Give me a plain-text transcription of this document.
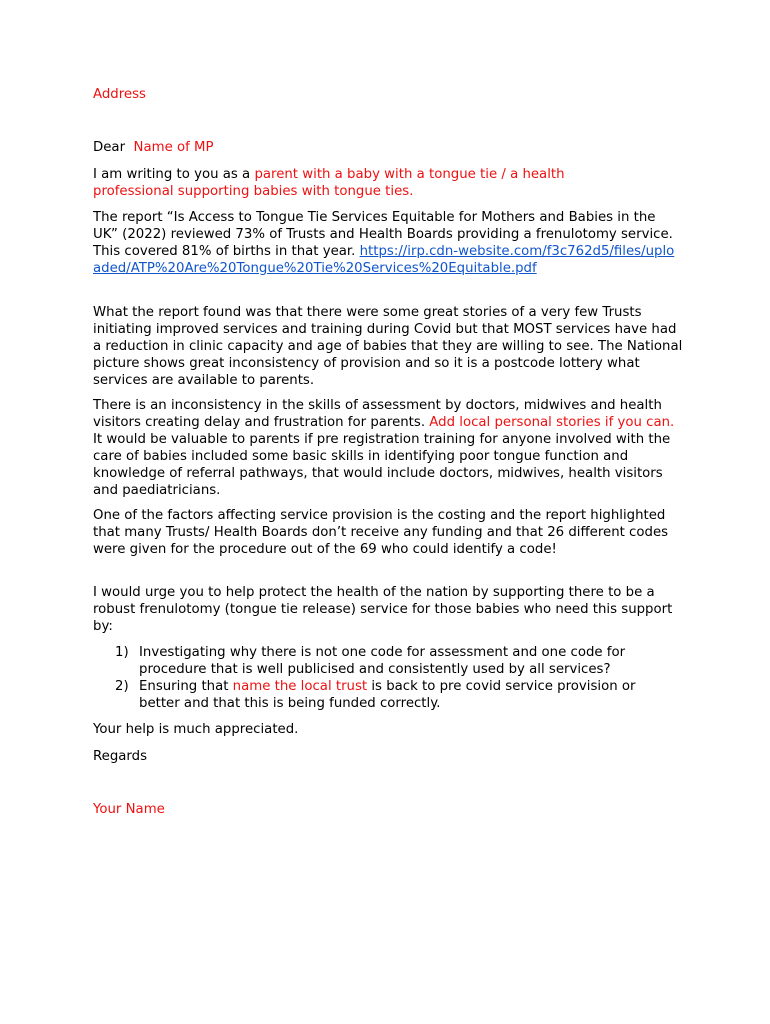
Address

Dear Name of MP

I am writing to you as a parent with a baby with a tongue tie / a health professional supporting babies with tongue ties.

The report “Is Access to Tongue Tie Services Equitable for Mothers and Babies in the UK” (2022) reviewed 73% of Trusts and Health Boards providing a frenulotomy service. This covered 81% of births in that year. https://irp.cdn-website.com/f3c762d5/files/uploaded/ATP%20Are%20Tongue%20Tie%20Services%20Equitable.pdf

What the report found was that there were some great stories of a very few Trusts initiating improved services and training during Covid but that MOST services have had a reduction in clinic capacity and age of babies that they are willing to see. The National picture shows great inconsistency of provision and so it is a postcode lottery what services are available to parents.

There is an inconsistency in the skills of assessment by doctors, midwives and health visitors creating delay and frustration for parents. Add local personal stories if you can. It would be valuable to parents if pre registration training for anyone involved with the care of babies included some basic skills in identifying poor tongue function and knowledge of referral pathways, that would include doctors, midwives, health visitors and paediatricians.

One of the factors affecting service provision is the costing and the report highlighted that many Trusts/ Health Boards don’t receive any funding and that 26 different codes were given for the procedure out of the 69 who could identify a code!

I would urge you to help protect the health of the nation by supporting there to be a robust frenulotomy (tongue tie release) service for those babies who need this support by:

1) Investigating why there is not one code for assessment and one code for procedure that is well publicised and consistently used by all services?
2) Ensuring that name the local trust is back to pre covid service provision or better and that this is being funded correctly.

Your help is much appreciated.

Regards

Your Name
